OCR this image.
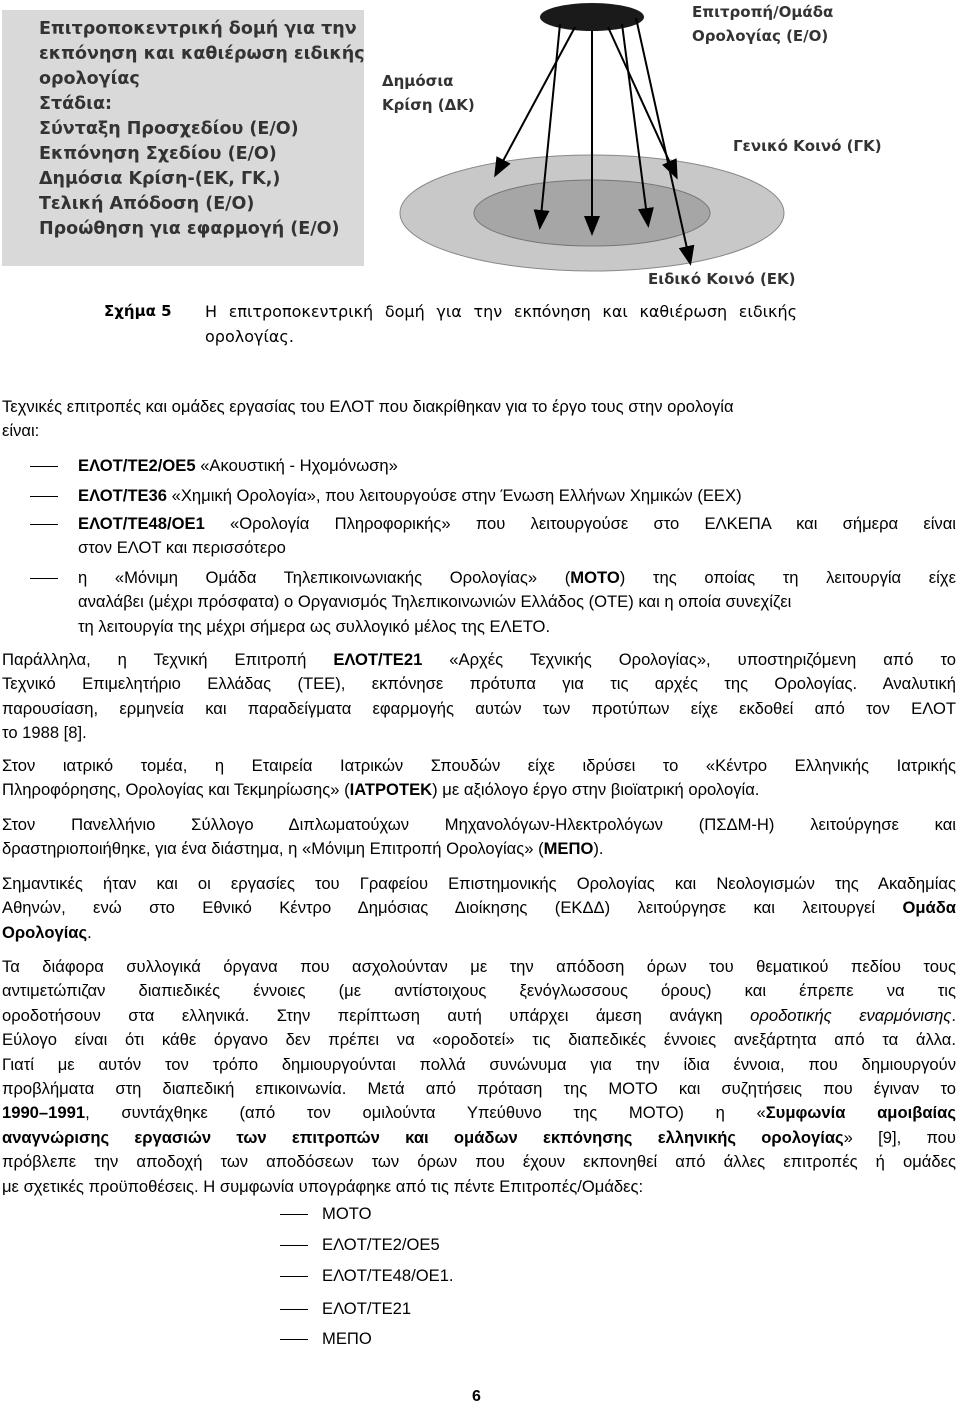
Επιτροποκεντρική δομή για την
εκπόνηση και καθιέρωση ειδικής
ορολογίας
Στάδια:
Σύνταξη Προσχεδίου (Ε/Ο)
Εκπόνηση Σχεδίου (Ε/Ο)
Δημόσια Κρίση-(ΕΚ, ΓΚ,)
Τελική Απόδοση (Ε/Ο)
Προώθηση για εφαρμογή (Ε/Ο)
Δημόσια
Κρίση (ΔΚ)
Επιτροπή/Ομάδα
Ορολογίας (Ε/Ο)
Γενικό Κοινό (ΓΚ)
Ειδικό Κοινό (ΕΚ)
Σχήμα 5 Η επιτροποκεντρική δομή για την εκπόνηση και καθιέρωση ειδικής
ορολογίας.
Τεχνικές επιτροπές και ομάδες εργασίας του ΕΛΟΤ που διακρίθηκαν για το έργο τους στην ορολογία
είναι:
ΕΛΟΤ/ΤΕ2/ΟΕ5 «Ακουστική - Ηχομόνωση»
ΕΛΟΤ/ΤΕ36 «Χημική Ορολογία», που λειτουργούσε στην Ένωση Ελλήνων Χημικών (ΕΕΧ)
ΕΛΟΤ/ΤΕ48/ΟΕ1 «Ορολογία Πληροφορικής» που λειτουργούσε στο ΕΛΚΕΠΑ και σήμερα είναι
στον ΕΛΟΤ και περισσότερο
η «Μόνιμη Ομάδα Τηλεπικοινωνιακής Ορολογίας» (ΜΟΤΟ) της οποίας τη λειτουργία είχε
αναλάβει (μέχρι πρόσφατα) ο Οργανισμός Τηλεπικοινωνιών Ελλάδος (ΟΤΕ) και η οποία συνεχίζει
τη λειτουργία της μέχρι σήμερα ως συλλογικό μέλος της ΕΛΕΤΟ.
Παράλληλα, η Τεχνική Επιτροπή ΕΛΟΤ/ΤΕ21 «Αρχές Τεχνικής Ορολογίας», υποστηριζόμενη από το
Τεχνικό Επιμελητήριο Ελλάδας (ΤΕΕ), εκπόνησε πρότυπα για τις αρχές της Ορολογίας. Αναλυτική
παρουσίαση, ερμηνεία και παραδείγματα εφαρμογής αυτών των προτύπων είχε εκδοθεί από τον ΕΛΟΤ
το 1988 [8].
Στον ιατρικό τομέα, η Εταιρεία Ιατρικών Σπουδών είχε ιδρύσει το «Κέντρο Ελληνικής Ιατρικής
Πληροφόρησης, Ορολογίας και Τεκμηρίωσης» (ΙΑΤΡΟΤΕΚ) με αξιόλογο έργο στην βιοϊατρική ορολογία.
Στον Πανελλήνιο Σύλλογο Διπλωματούχων Μηχανολόγων-Ηλεκτρολόγων (ΠΣΔΜ-Η) λειτούργησε και
δραστηριοποιήθηκε, για ένα διάστημα, η «Μόνιμη Επιτροπή Ορολογίας» (ΜΕΠΟ).
Σημαντικές ήταν και οι εργασίες του Γραφείου Επιστημονικής Ορολογίας και Νεολογισμών της Ακαδημίας
Αθηνών, ενώ στο Εθνικό Κέντρο Δημόσιας Διοίκησης (ΕΚΔΔ) λειτούργησε και λειτουργεί Ομάδα
Ορολογίας.
Τα διάφορα συλλογικά όργανα που ασχολούνταν με την απόδοση όρων του θεματικού πεδίου τους
αντιμετώπιζαν διαπιεδικές έννοιες (με αντίστοιχους ξενόγλωσσους όρους) και έπρεπε να τις
ορoδοτήσουν στα ελληνικά. Στην περίπτωση αυτή υπάρχει άμεση ανάγκη οροδοτικής εναρμόνισης.
Εύλογο είναι ότι κάθε όργανο δεν πρέπει να «οροδοτεί» τις διαπεδικές έννοιες ανεξάρτητα από τα άλλα.
Γιατί με αυτόν τον τρόπο δημιουργούνται πολλά συνώνυμα για την ίδια έννοια, που δημιουργούν
προβλήματα στη διαπεδική επικοινωνία. Μετά από πρόταση της ΜΟΤΟ και συζητήσεις που έγιναν το
1990–1991, συντάχθηκε (από τον ομιλούντα Υπεύθυνο της ΜΟΤΟ) η «Συμφωνία αμοιβαίας
αναγνώρισης εργασιών των επιτροπών και ομάδων εκπόνησης ελληνικής ορολογίας» [9], που
πρόβλεπε την αποδοχή των αποδόσεων των όρων που έχουν εκπονηθεί από άλλες επιτροπές ή ομάδες
με σχετικές προϋποθέσεις. Η συμφωνία υπογράφηκε από τις πέντε Επιτροπές/Ομάδες:
ΜΟΤΟ
ΕΛΟΤ/ΤΕ2/ΟΕ5
ΕΛΟΤ/ΤΕ48/ΟΕ1.
ΕΛΟΤ/ΤΕ21
ΜΕΠΟ
6
